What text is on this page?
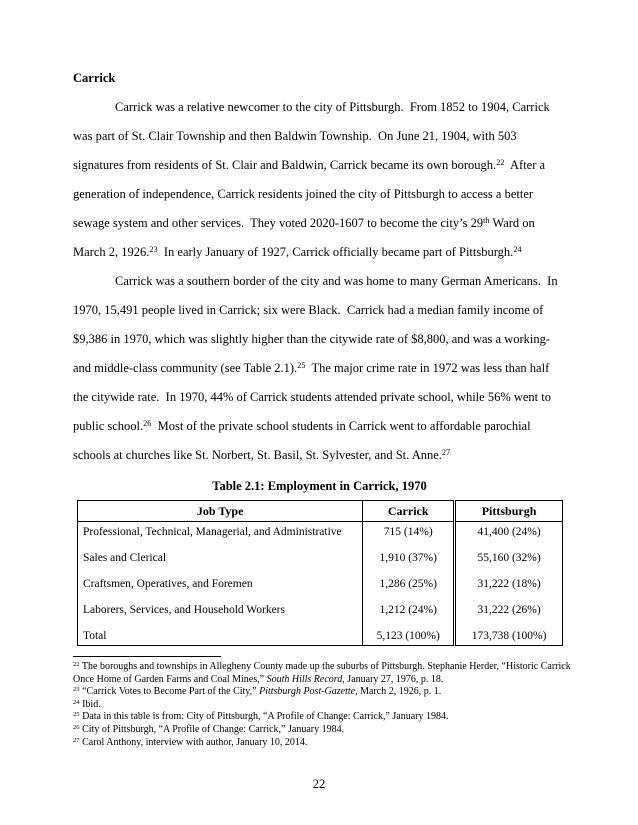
Carrick

Carrick was a relative newcomer to the city of Pittsburgh.  From 1852 to 1904, Carrick was part of St. Clair Township and then Baldwin Township.  On June 21, 1904, with 503 signatures from residents of St. Clair and Baldwin, Carrick became its own borough.$^{22}$  After a generation of independence, Carrick residents joined the city of Pittsburgh to access a better sewage system and other services.  They voted 2020-1607 to become the city’s 29th Ward on March 2, 1926.23  In early January of 1927, Carrick officially became part of Pittsburgh.$^{24}$

Carrick was a southern border of the city and was home to many German Americans.  In 1970, 15,491 people lived in Carrick; six were Black.  Carrick had a median family income of $9,386 in 1970, which was slightly higher than the citywide rate of $8,800, and was a working- and middle-class community (see Table 2.1).$^{25}$  The major crime rate in 1972 was less than half the citywide rate.  In 1970, 44% of Carrick students attended private school, while 56% went to public school.$^{26}$  Most of the private school students in Carrick went to affordable parochial schools at churches like St. Norbert, St. Basil, St. Sylvester, and St. Anne.$^{27}$

Table 2.1: Employment in Carrick, 1970
Job Type	Carrick	Pittsburgh
Professional, Technical, Managerial, and Administrative	715 (14%)	41,400 (24%)
Sales and Clerical	1,910 (37%)	55,160 (32%)
Craftsmen, Operatives, and Foremen	1,286 (25%)	31,222 (18%)
Laborers, Services, and Household Workers	1,212 (24%)	31,222 (26%)
Total	5,123 (100%)	173,738 (100%)
$^{22}$ The boroughs and townships in Allegheny County made up the suburbs of Pittsburgh. Stephanie Herder, “Historic Carrick Once Home of Garden Farms and Coal Mines,” South Hills Record, January 27, 1976, p. 18.
$^{23}$ “Carrick Votes to Become Part of the City,” Pittsburgh Post-Gazette, March 2, 1926, p. 1.
$^{24}$ Ibid.
$^{25}$ Data in this table is from: City of Pittsburgh, “A Profile of Change: Carrick,” January 1984.
$^{26}$ City of Pittsburgh, “A Profile of Change: Carrick,” January 1984.
$^{27}$ Carol Anthony, interview with author, January 10, 2014.
22
